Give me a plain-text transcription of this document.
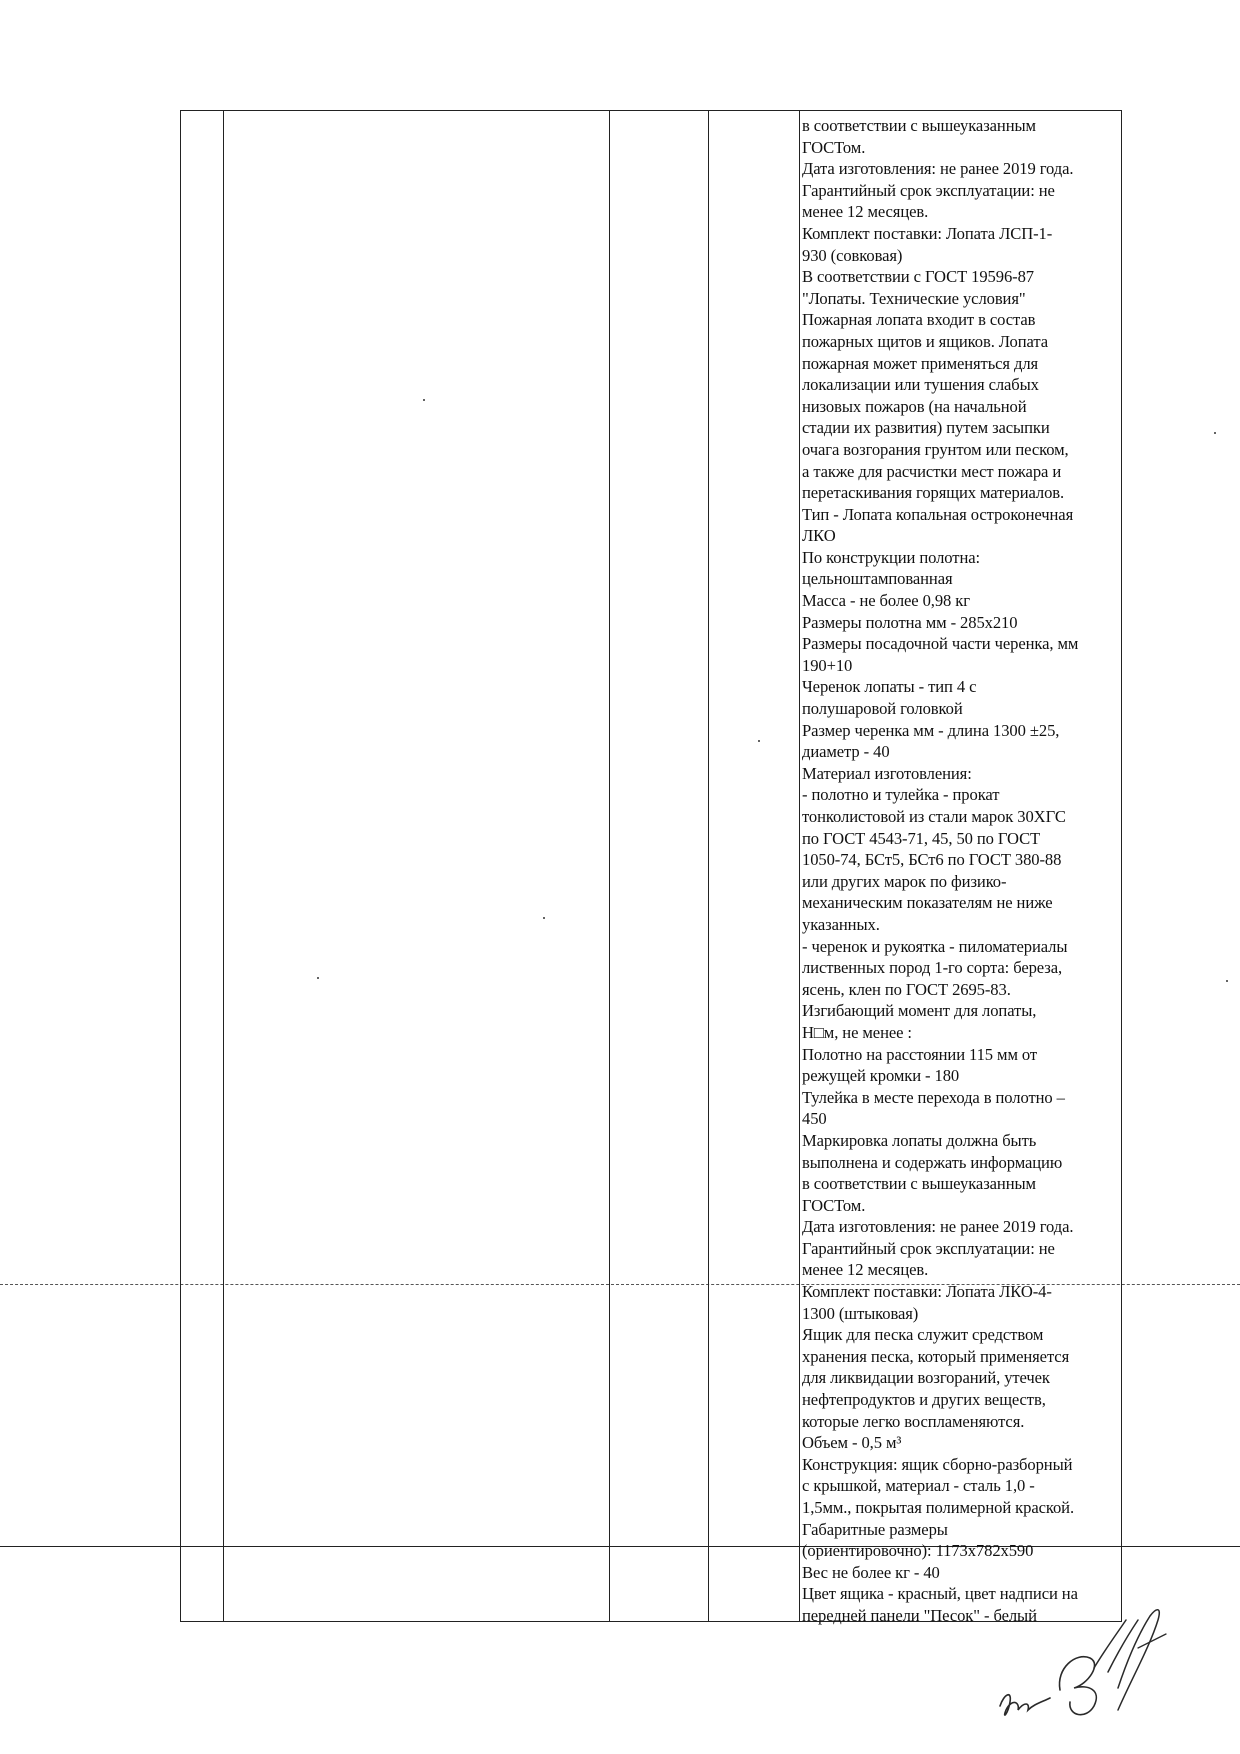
в соответствии с вышеуказанным
ГОСТом.
Дата изготовления: не ранее 2019 года.
Гарантийный срок эксплуатации: не
менее 12 месяцев.
Комплект поставки: Лопата ЛСП-1-
930 (совковая)
В соответствии с ГОСТ 19596-87
"Лопаты. Технические условия"
Пожарная лопата входит в состав
пожарных щитов и ящиков. Лопата
пожарная может применяться для
локализации или тушения слабых
низовых пожаров (на начальной
стадии их развития) путем засыпки
очага возгорания грунтом или песком,
а также для расчистки мест пожара и
перетаскивания горящих материалов.
Тип - Лопата копальная остроконечная
ЛКО
По конструкции полотна:
цельноштампованная
Масса - не более 0,98 кг
Размеры полотна мм - 285х210
Размеры посадочной части черенка, мм
190+10
Черенок лопаты - тип 4 с
полушаровой головкой
Размер черенка мм - длина 1300 ±25,
диаметр - 40
Материал изготовления:
- полотно и тулейка - прокат
тонколистовой из стали марок 30ХГС
по ГОСТ 4543-71, 45, 50 по ГОСТ
1050-74, БСт5, БСт6 по ГОСТ 380-88
или других марок по физико-
механическим показателям не ниже
указанных.
- черенок и рукоятка - пиломатериалы
лиственных пород 1-го сорта: береза,
ясень, клен по ГОСТ 2695-83.
Изгибающий момент для лопаты,
Н□м, не менее :
Полотно на расстоянии 115 мм от
режущей кромки - 180
Тулейка в месте перехода в полотно –
450
Маркировка лопаты должна быть
выполнена и содержать информацию
в соответствии с вышеуказанным
ГОСТом.
Дата изготовления: не ранее 2019 года.
Гарантийный срок эксплуатации: не
менее 12 месяцев.
Комплект поставки: Лопата ЛКО-4-
1300 (штыковая)
Ящик для песка служит средством
хранения песка, который применяется
для ликвидации возгораний, утечек
нефтепродуктов и других веществ,
которые легко воспламеняются.
Объем - 0,5 м³
Конструкция: ящик сборно-разборный
с крышкой, материал - сталь 1,0 -
1,5мм., покрытая полимерной краской.
Габаритные размеры
(ориентировочно): 1173х782х590
Вес не более кг - 40
Цвет ящика - красный, цвет надписи на
передней панели "Песок" - белый
